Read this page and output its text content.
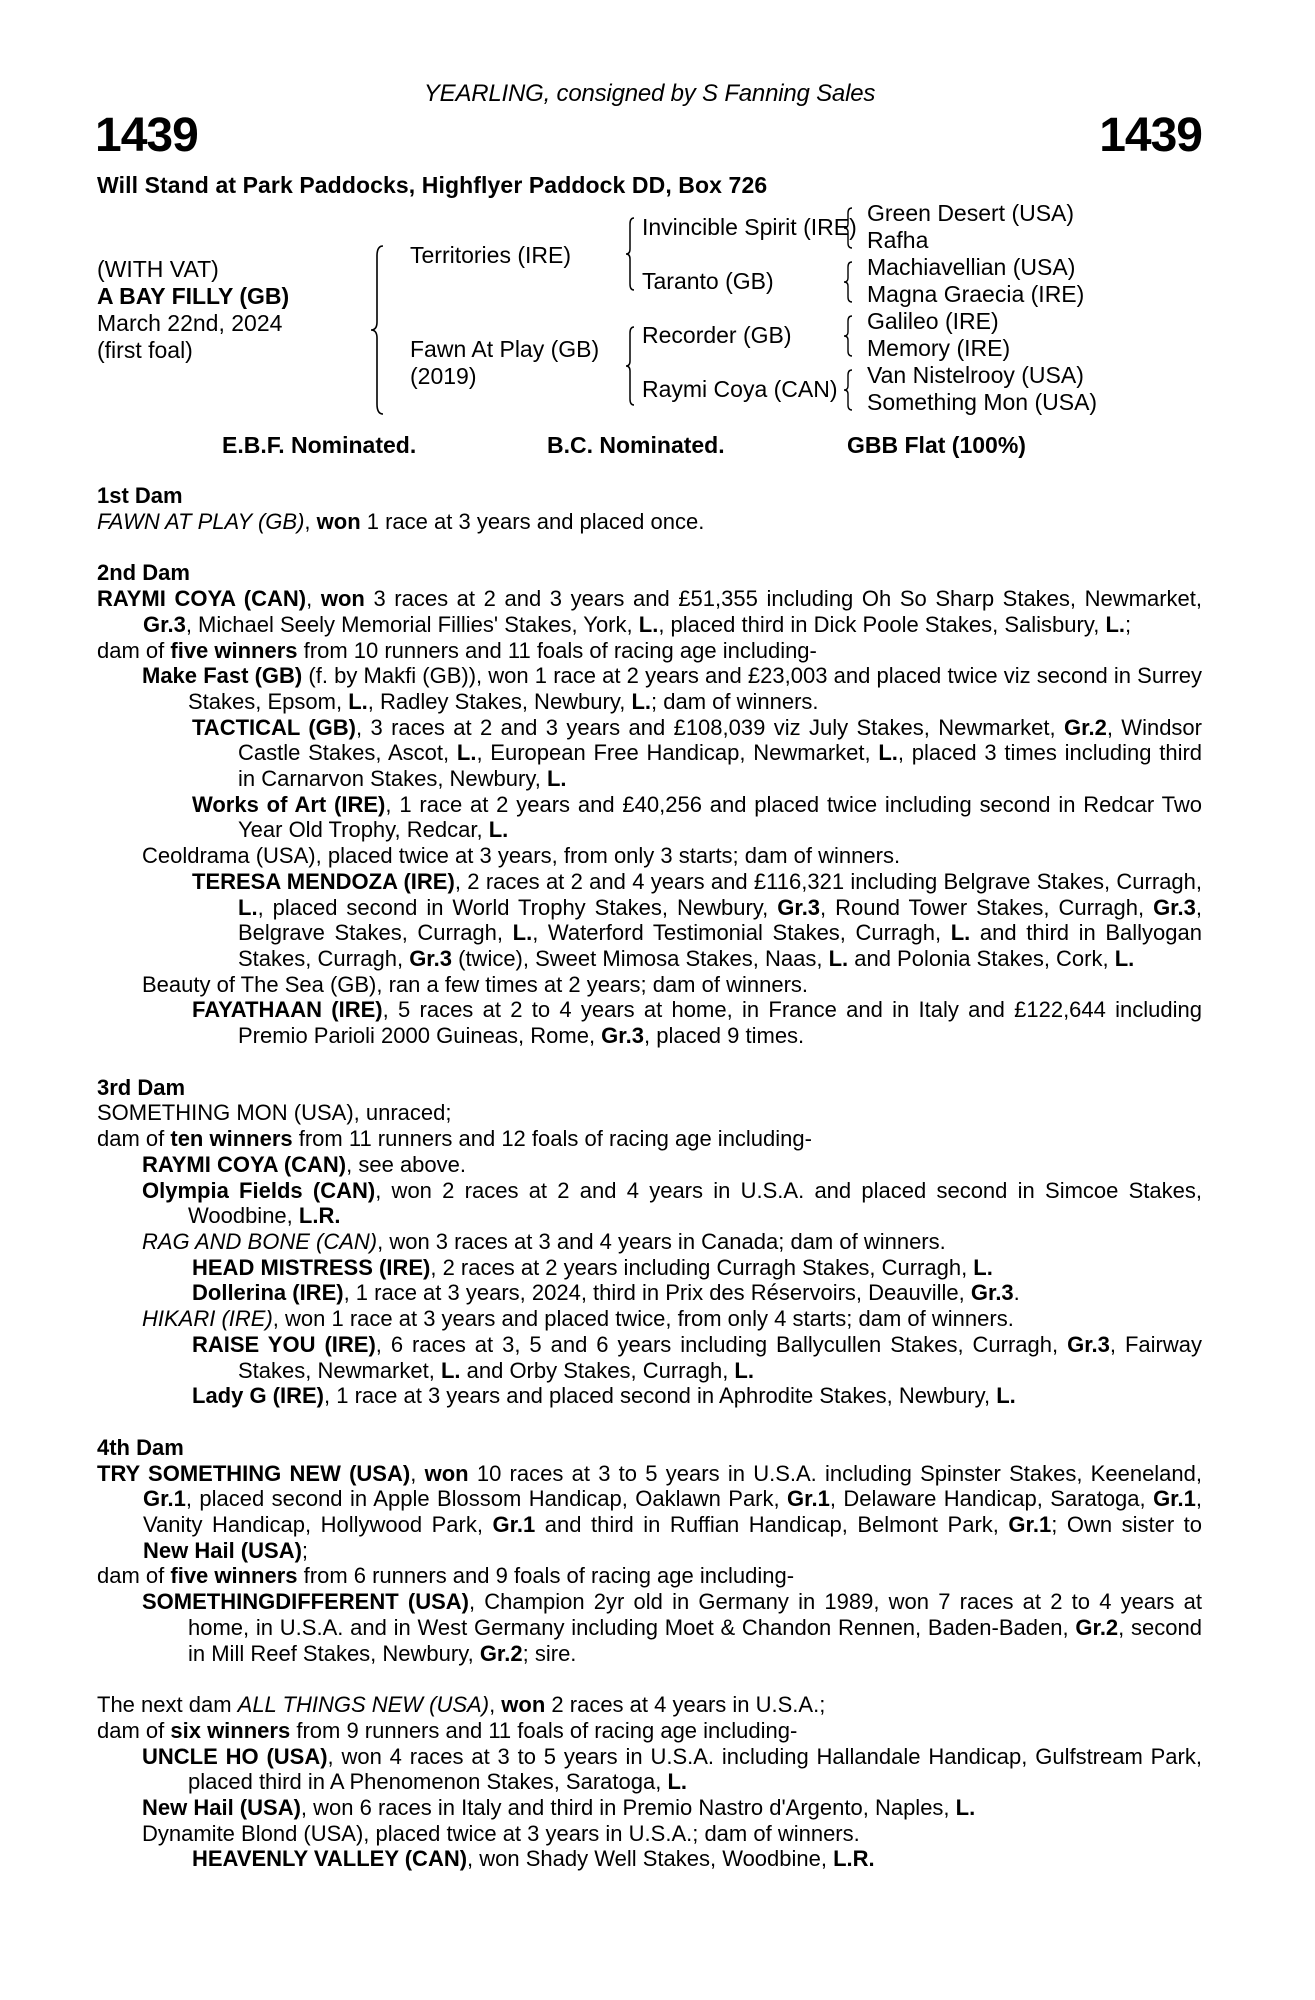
YEARLING, consigned by S Fanning Sales
1439	1439
Will Stand at Park Paddocks, Highflyer Paddock DD, Box 726
(WITH VAT)
A BAY FILLY (GB)
March 22nd, 2024
(first foal)
Territories (IRE)
Fawn At Play (GB)
(2019)
Invincible Spirit (IRE)
Taranto (GB)
Recorder (GB)
Raymi Coya (CAN)
Green Desert (USA)
Rafha
Machiavellian (USA)
Magna Graecia (IRE)
Galileo (IRE)
Memory (IRE)
Van Nistelrooy (USA)
Something Mon (USA)
E.B.F. Nominated.	B.C. Nominated.	GBB Flat (100%)
1st Dam
FAWN AT PLAY (GB), won 1 race at 3 years and placed once.
2nd Dam
RAYMI COYA (CAN), won 3 races at 2 and 3 years and £51,355 including Oh So Sharp Stakes, Newmarket, Gr.3, Michael Seely Memorial Fillies' Stakes, York, L., placed third in Dick Poole Stakes, Salisbury, L.;
dam of five winners from 10 runners and 11 foals of racing age including-
Make Fast (GB) (f. by Makfi (GB)), won 1 race at 2 years and £23,003 and placed twice viz second in Surrey Stakes, Epsom, L., Radley Stakes, Newbury, L.; dam of winners.
TACTICAL (GB), 3 races at 2 and 3 years and £108,039 viz July Stakes, Newmarket, Gr.2, Windsor Castle Stakes, Ascot, L., European Free Handicap, Newmarket, L., placed 3 times including third in Carnarvon Stakes, Newbury, L.
Works of Art (IRE), 1 race at 2 years and £40,256 and placed twice including second in Redcar Two Year Old Trophy, Redcar, L.
Ceoldrama (USA), placed twice at 3 years, from only 3 starts; dam of winners.
TERESA MENDOZA (IRE), 2 races at 2 and 4 years and £116,321 including Belgrave Stakes, Curragh, L., placed second in World Trophy Stakes, Newbury, Gr.3, Round Tower Stakes, Curragh, Gr.3, Belgrave Stakes, Curragh, L., Waterford Testimonial Stakes, Curragh, L. and third in Ballyogan Stakes, Curragh, Gr.3 (twice), Sweet Mimosa Stakes, Naas, L. and Polonia Stakes, Cork, L.
Beauty of The Sea (GB), ran a few times at 2 years; dam of winners.
FAYATHAAN (IRE), 5 races at 2 to 4 years at home, in France and in Italy and £122,644 including Premio Parioli 2000 Guineas, Rome, Gr.3, placed 9 times.
3rd Dam
SOMETHING MON (USA), unraced;
dam of ten winners from 11 runners and 12 foals of racing age including-
RAYMI COYA (CAN), see above.
Olympia Fields (CAN), won 2 races at 2 and 4 years in U.S.A. and placed second in Simcoe Stakes, Woodbine, L.R.
RAG AND BONE (CAN), won 3 races at 3 and 4 years in Canada; dam of winners.
HEAD MISTRESS (IRE), 2 races at 2 years including Curragh Stakes, Curragh, L.
Dollerina (IRE), 1 race at 3 years, 2024, third in Prix des Réservoirs, Deauville, Gr.3.
HIKARI (IRE), won 1 race at 3 years and placed twice, from only 4 starts; dam of winners.
RAISE YOU (IRE), 6 races at 3, 5 and 6 years including Ballycullen Stakes, Curragh, Gr.3, Fairway Stakes, Newmarket, L. and Orby Stakes, Curragh, L.
Lady G (IRE), 1 race at 3 years and placed second in Aphrodite Stakes, Newbury, L.
4th Dam
TRY SOMETHING NEW (USA), won 10 races at 3 to 5 years in U.S.A. including Spinster Stakes, Keeneland, Gr.1, placed second in Apple Blossom Handicap, Oaklawn Park, Gr.1, Delaware Handicap, Saratoga, Gr.1, Vanity Handicap, Hollywood Park, Gr.1 and third in Ruffian Handicap, Belmont Park, Gr.1; Own sister to New Hail (USA);
dam of five winners from 6 runners and 9 foals of racing age including-
SOMETHINGDIFFERENT (USA), Champion 2yr old in Germany in 1989, won 7 races at 2 to 4 years at home, in U.S.A. and in West Germany including Moet & Chandon Rennen, Baden-Baden, Gr.2, second in Mill Reef Stakes, Newbury, Gr.2; sire.
The next dam ALL THINGS NEW (USA), won 2 races at 4 years in U.S.A.;
dam of six winners from 9 runners and 11 foals of racing age including-
UNCLE HO (USA), won 4 races at 3 to 5 years in U.S.A. including Hallandale Handicap, Gulfstream Park, placed third in A Phenomenon Stakes, Saratoga, L.
New Hail (USA), won 6 races in Italy and third in Premio Nastro d'Argento, Naples, L.
Dynamite Blond (USA), placed twice at 3 years in U.S.A.; dam of winners.
HEAVENLY VALLEY (CAN), won Shady Well Stakes, Woodbine, L.R.
